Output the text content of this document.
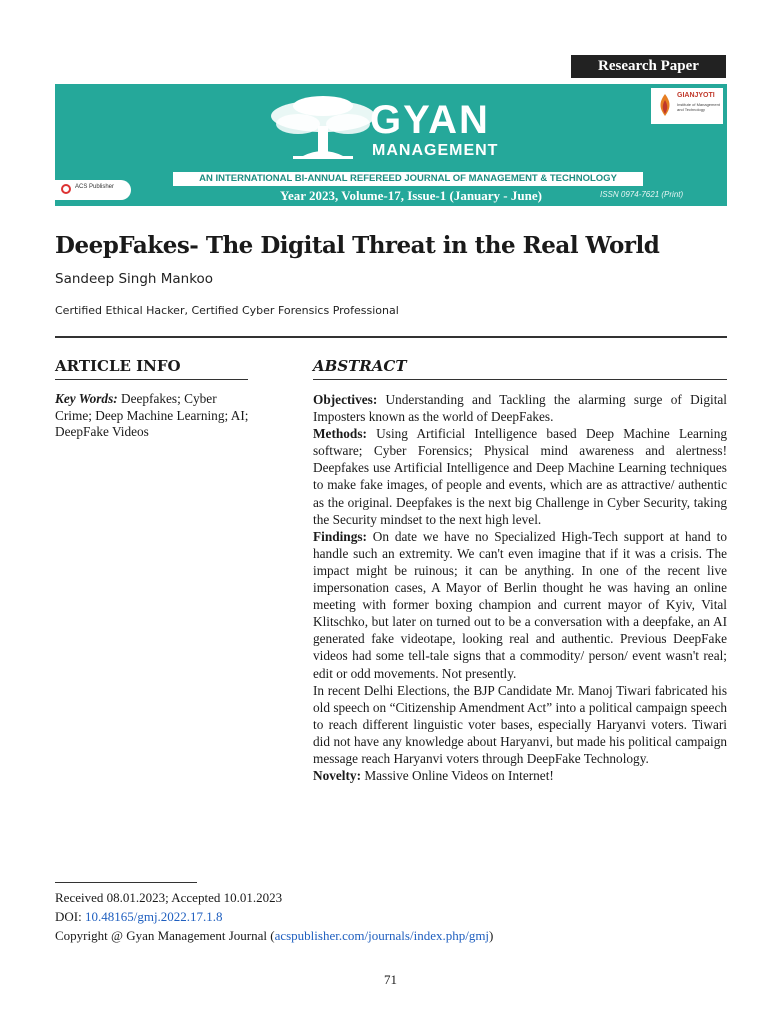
Research Paper
GYAN
MANAGEMENT
AN INTERNATIONAL BI-ANNUAL REFEREED JOURNAL OF MANAGEMENT & TECHNOLOGY
Year 2023, Volume-17, Issue-1 (January - June)	ISSN 0974-7621 (Print)
ACS Publisher
GIANJYOTI
Institute of Management and Technology
DeepFakes- The Digital Threat in the Real World
Sandeep Singh Mankoo
Certified Ethical Hacker, Certified Cyber Forensics Professional
ARTICLE INFO
Key Words: Deepfakes; Cyber Crime; Deep Machine Learning; AI; DeepFake Videos
ABSTRACT

Objectives: Understanding and Tackling the alarming surge of Digital Imposters known as the world of DeepFakes.

Methods: Using Artificial Intelligence based Deep Machine Learning software; Cyber Forensics; Physical mind awareness and alertness! Deepfakes use Artificial Intelligence and Deep Machine Learning techniques to make fake images, of people and events, which are as attractive/ authentic as the original. Deepfakes is the next big Challenge in Cyber Security, taking the Security mindset to the next high level.

Findings: On date we have no Specialized High-Tech support at hand to handle such an extremity. We can't even imagine that if it was a crisis. The impact might be ruinous; it can be anything. In one of the recent live impersonation cases, A Mayor of Berlin thought he was having an online meeting with former boxing champion and current mayor of Kyiv, Vital Klitschko, but later on turned out to be a conversation with a deepfake, an AI generated fake videotape, looking real and authentic. Previous DeepFake videos had some tell-tale signs that a commodity/ person/ event wasn't real; edit or odd movements. Not presently.

In recent Delhi Elections, the BJP Candidate Mr. Manoj Tiwari fabricated his old speech on “Citizenship Amendment Act” into a political campaign speech to reach different linguistic voter bases, especially Haryanvi voters. Tiwari did not have any knowledge about Haryanvi, but made his political campaign message reach Haryanvi voters through DeepFake Technology.

Novelty: Massive Online Videos on Internet!

Received 08.01.2023; Accepted 10.01.2023
DOI: 10.48165/gmj.2022.17.1.8
Copyright @ Gyan Management Journal (acspublisher.com/journals/index.php/gmj)
71
